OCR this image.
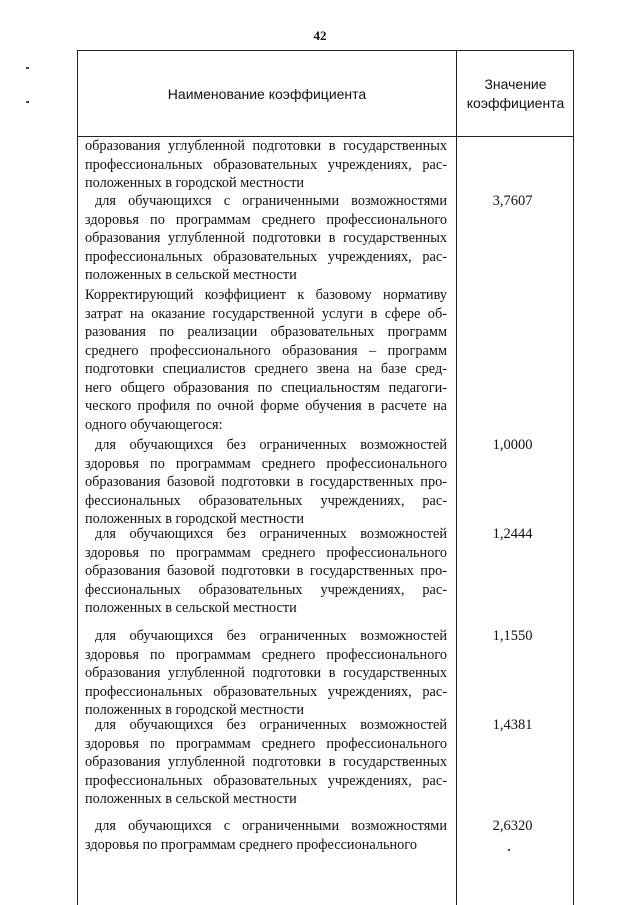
42
Наименование коэффициента
Значение
коэффициента
образования углубленной подготовки в государственных
профессиональных образовательных учреждениях, рас-
положенных в городской местности
для обучающихся с ограниченными возможностями
здоровья по программам среднего профессионального
образования углубленной подготовки в государственных
профессиональных образовательных учреждениях, рас-
положенных в сельской местности
3,7607
Корректирующий коэффициент к базовому нормативу
затрат на оказание государственной услуги в сфере об-
разования по реализации образовательных программ
среднего профессионального образования – программ
подготовки специалистов среднего звена на базе сред-
него общего образования по специальностям педагоги-
ческого профиля по очной форме обучения в расчете на
одного обучающегося:
для обучающихся без ограниченных возможностей
здоровья по программам среднего профессионального
образования базовой подготовки в государственных про-
фессиональных образовательных учреждениях, рас-
положенных в городской местности
1,0000
для обучающихся без ограниченных возможностей
здоровья по программам среднего профессионального
образования базовой подготовки в государственных про-
фессиональных образовательных учреждениях, рас-
положенных в сельской местности
1,2444
для обучающихся без ограниченных возможностей
здоровья по программам среднего профессионального
образования углубленной подготовки в государственных
профессиональных образовательных учреждениях, рас-
положенных в городской местности
1,1550
для обучающихся без ограниченных возможностей
здоровья по программам среднего профессионального
образования углубленной подготовки в государственных
профессиональных образовательных учреждениях, рас-
положенных в сельской местности
1,4381
для обучающихся с ограниченными возможностями
здоровья по программам среднего профессионального
2,6320
